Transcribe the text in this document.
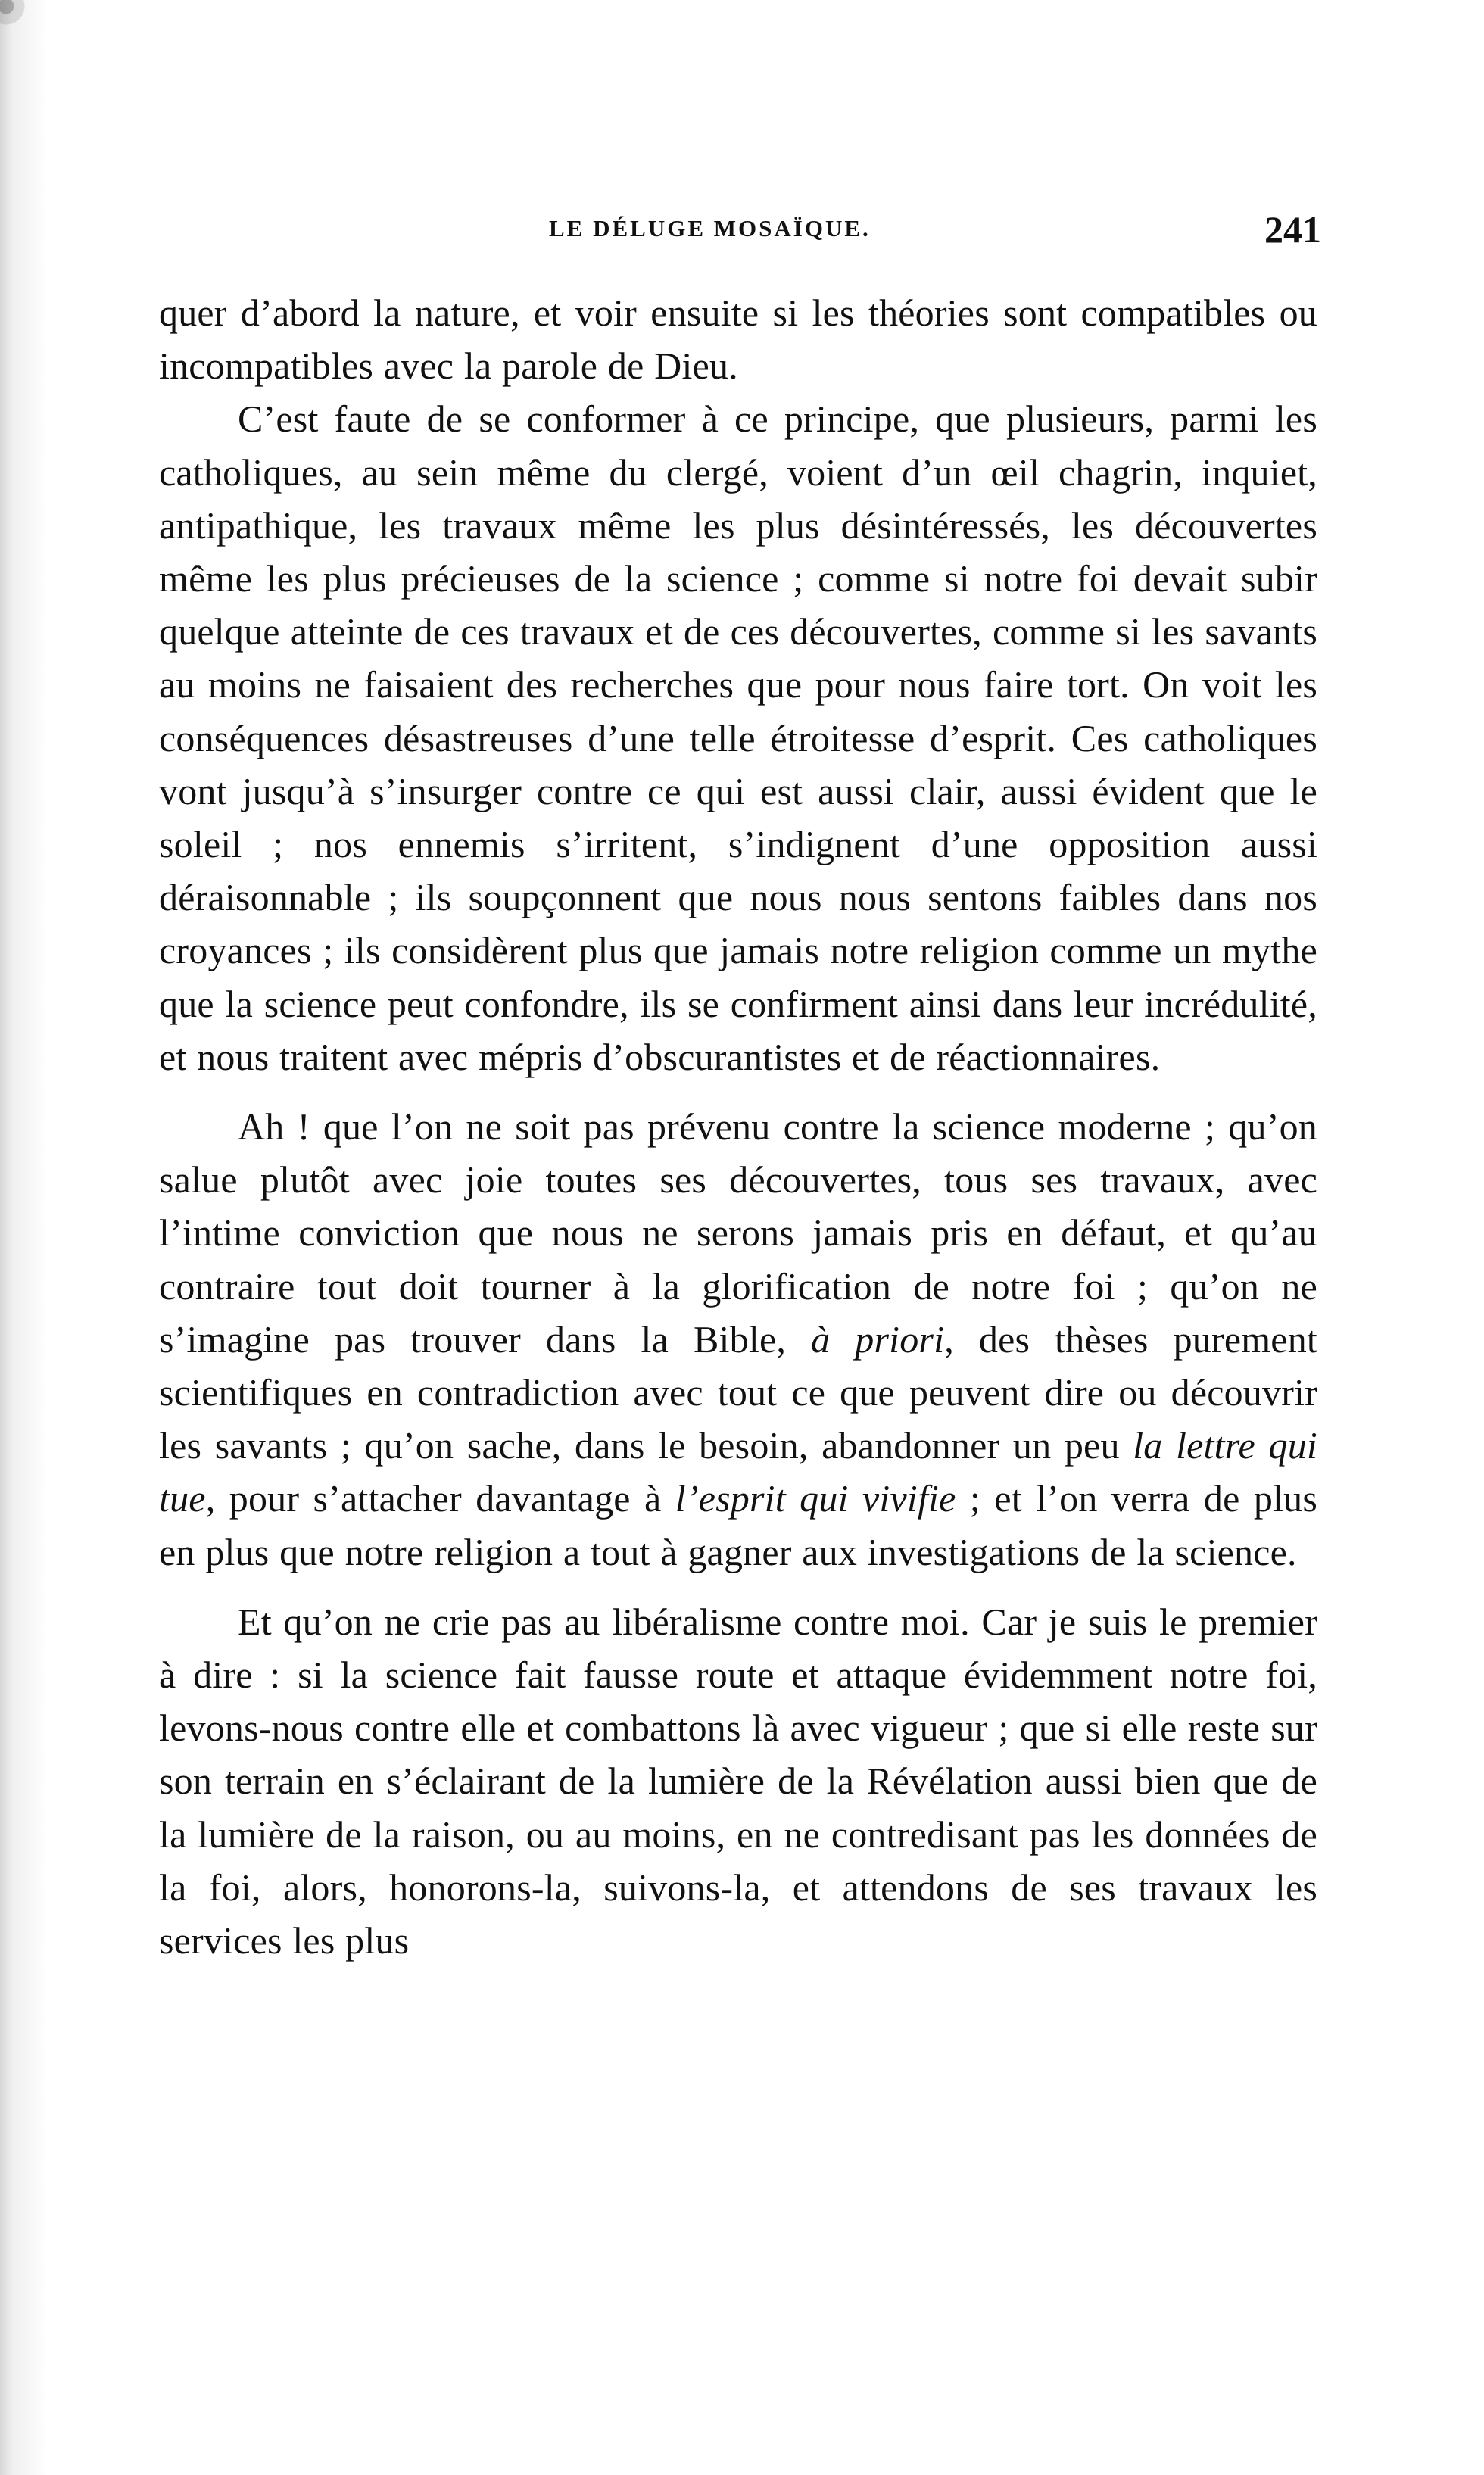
LE DÉLUGE MOSAÏQUE.	241

quer d’abord la nature, et voir ensuite si les théories sont compatibles ou incompatibles avec la parole de Dieu.

C’est faute de se conformer à ce principe, que plusieurs, parmi les catholiques, au sein même du clergé, voient d’un œil chagrin, inquiet, antipathique, les travaux même les plus désintéressés, les découvertes même les plus précieuses de la science ; comme si notre foi devait subir quelque atteinte de ces travaux et de ces découvertes, comme si les savants au moins ne faisaient des recherches que pour nous faire tort. On voit les conséquences désastreuses d’une telle étroitesse d’esprit. Ces catholiques vont jusqu’à s’insurger contre ce qui est aussi clair, aussi évident que le soleil ; nos ennemis s’irritent, s’indignent d’une opposition aussi déraisonnable ; ils soupçonnent que nous nous sentons faibles dans nos croyances ; ils considèrent plus que jamais notre religion comme un mythe que la science peut confondre, ils se confirment ainsi dans leur incrédulité, et nous traitent avec mépris d’obscurantistes et de réactionnaires.

Ah ! que l’on ne soit pas prévenu contre la science moderne ; qu’on salue plutôt avec joie toutes ses découvertes, tous ses travaux, avec l’intime conviction que nous ne serons jamais pris en défaut, et qu’au contraire tout doit tourner à la glorification de notre foi ; qu’on ne s’imagine pas trouver dans la Bible, à priori, des thèses purement scientifiques en contradiction avec tout ce que peuvent dire ou découvrir les savants ; qu’on sache, dans le besoin, abandonner un peu la lettre qui tue, pour s’attacher davantage à l’esprit qui vivifie ; et l’on verra de plus en plus que notre religion a tout à gagner aux investigations de la science.

Et qu’on ne crie pas au libéralisme contre moi. Car je suis le premier à dire : si la science fait fausse route et attaque évidemment notre foi, levons-nous contre elle et combattons là avec vigueur ; que si elle reste sur son terrain en s’éclairant de la lumière de la Révélation aussi bien que de la lumière de la raison, ou au moins, en ne contredisant pas les données de la foi, alors, honorons-la, suivons-la, et attendons de ses travaux les services les plus
